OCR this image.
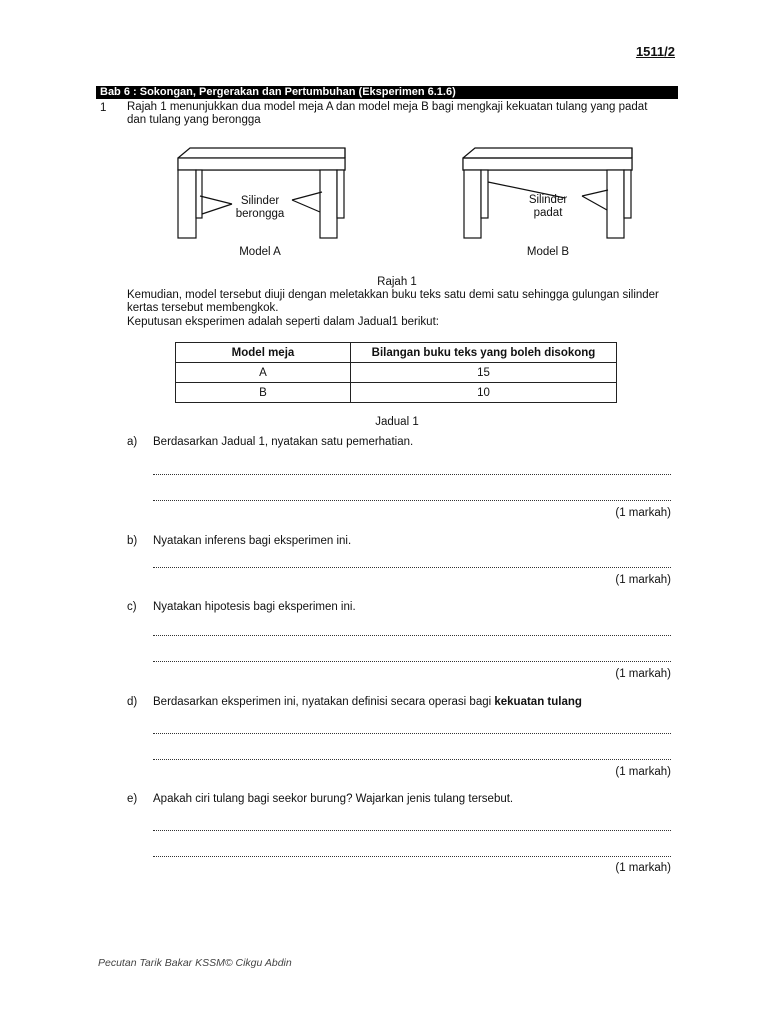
1511/2
Bab 6 : Sokongan, Pergerakan dan Pertumbuhan (Eksperimen 6.1.6)
1 Rajah 1 menunjukkan dua model meja A dan model meja B bagi mengkaji kekuatan tulang yang padat dan tulang yang berongga
Silinder
berongga
Silinder
padat
Model A	Model B
Rajah 1
Kemudian, model tersebut diuji dengan meletakkan buku teks satu demi satu sehingga gulungan silinder kertas tersebut membengkok.
Keputusan eksperimen adalah seperti dalam Jadual1 berikut:
Model meja	Bilangan buku teks yang boleh disokong
A	15
B	10
Jadual 1
a) Berdasarkan Jadual 1, nyatakan satu pemerhatian.
(1 markah)
b) Nyatakan inferens bagi eksperimen ini.
(1 markah)
c) Nyatakan hipotesis bagi eksperimen ini.
(1 markah)
d) Berdasarkan eksperimen ini, nyatakan definisi secara operasi bagi kekuatan tulang
(1 markah)
e) Apakah ciri tulang bagi seekor burung? Wajarkan jenis tulang tersebut.
(1 markah)
Pecutan Tarik Bakar KSSM© Cikgu Abdin
